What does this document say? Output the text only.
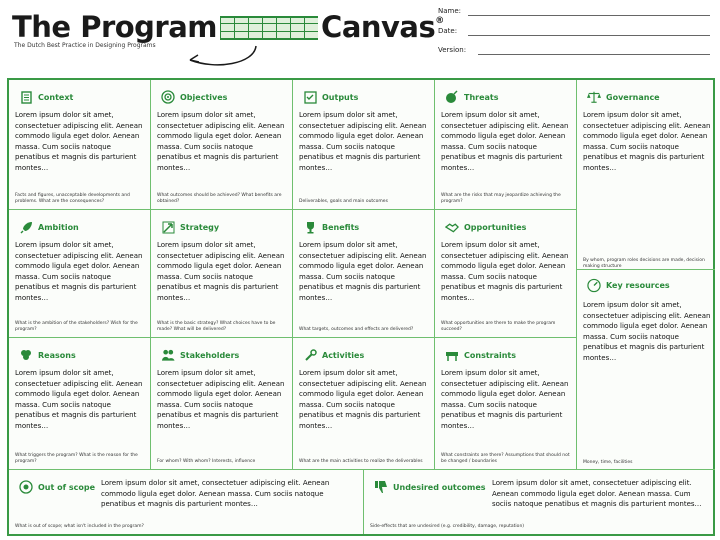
The Program	Canvas®
The Dutch Best Practice in Designing Programs
Name:
Date:
Version:
Context
Lorem ipsum dolor sit amet, consectetuer adipiscing elit. Aenean commodo ligula eget dolor. Aenean massa. Cum sociis natoque penatibus et magnis dis parturient montes…
Facts and figures, unacceptable developments and problems. What are the consequences?
Objectives
Lorem ipsum dolor sit amet, consectetuer adipiscing elit. Aenean commodo ligula eget dolor. Aenean massa. Cum sociis natoque penatibus et magnis dis parturient montes…
What outcomes should be achieved? What benefits are obtained?
Outputs
Lorem ipsum dolor sit amet, consectetuer adipiscing elit. Aenean commodo ligula eget dolor. Aenean massa. Cum sociis natoque penatibus et magnis dis parturient montes…
Deliverables, goals and main outcomes
Threats
Lorem ipsum dolor sit amet, consectetuer adipiscing elit. Aenean commodo ligula eget dolor. Aenean massa. Cum sociis natoque penatibus et magnis dis parturient montes…
What are the risks that may jeopardize achieving the program?
Governance
Lorem ipsum dolor sit amet, consectetuer adipiscing elit. Aenean commodo ligula eget dolor. Aenean massa. Cum sociis natoque penatibus et magnis dis parturient montes…
By whom, program roles decisions are made, decision making structure
Ambition
Lorem ipsum dolor sit amet, consectetuer adipiscing elit. Aenean commodo ligula eget dolor. Aenean massa. Cum sociis natoque penatibus et magnis dis parturient montes…
What is the ambition of the stakeholders? Wish for the program?
Strategy
Lorem ipsum dolor sit amet, consectetuer adipiscing elit. Aenean commodo ligula eget dolor. Aenean massa. Cum sociis natoque penatibus et magnis dis parturient montes…
What is the basic strategy? What choices have to be made? What will be delivered?
Benefits
Lorem ipsum dolor sit amet, consectetuer adipiscing elit. Aenean commodo ligula eget dolor. Aenean massa. Cum sociis natoque penatibus et magnis dis parturient montes…
What targets, outcomes and effects are delivered?
Opportunities
Lorem ipsum dolor sit amet, consectetuer adipiscing elit. Aenean commodo ligula eget dolor. Aenean massa. Cum sociis natoque penatibus et magnis dis parturient montes…
What opportunities are there to make the program succeed?
Key resources
Lorem ipsum dolor sit amet, consectetuer adipiscing elit. Aenean commodo ligula eget dolor. Aenean massa. Cum sociis natoque penatibus et magnis dis parturient montes…
Money, time, facilities
Reasons
Lorem ipsum dolor sit amet, consectetuer adipiscing elit. Aenean commodo ligula eget dolor. Aenean massa. Cum sociis natoque penatibus et magnis dis parturient montes…
What triggers the program? What is the reason for the program?
Stakeholders
Lorem ipsum dolor sit amet, consectetuer adipiscing elit. Aenean commodo ligula eget dolor. Aenean massa. Cum sociis natoque penatibus et magnis dis parturient montes…
For whom? With whom? Interests, influence
Activities
Lorem ipsum dolor sit amet, consectetuer adipiscing elit. Aenean commodo ligula eget dolor. Aenean massa. Cum sociis natoque penatibus et magnis dis parturient montes…
What are the main activities to realize the deliverables
Constraints
Lorem ipsum dolor sit amet, consectetuer adipiscing elit. Aenean commodo ligula eget dolor. Aenean massa. Cum sociis natoque penatibus et magnis dis parturient montes…
What constraints are there? Assumptions that should not be changed / boundaries
Out of scope Lorem ipsum dolor sit amet, consectetuer adipiscing elit. Aenean commodo ligula eget dolor. Aenean massa. Cum sociis natoque penatibus et magnis dis parturient montes…
What is out of scope; what isn't included in the program?
Undesired outcomes Lorem ipsum dolor sit amet, consectetuer adipiscing elit. Aenean commodo ligula eget dolor. Aenean massa. Cum sociis natoque penatibus et magnis dis parturient montes…
Side-effects that are undesired (e.g. credibility, damage, reputation)
